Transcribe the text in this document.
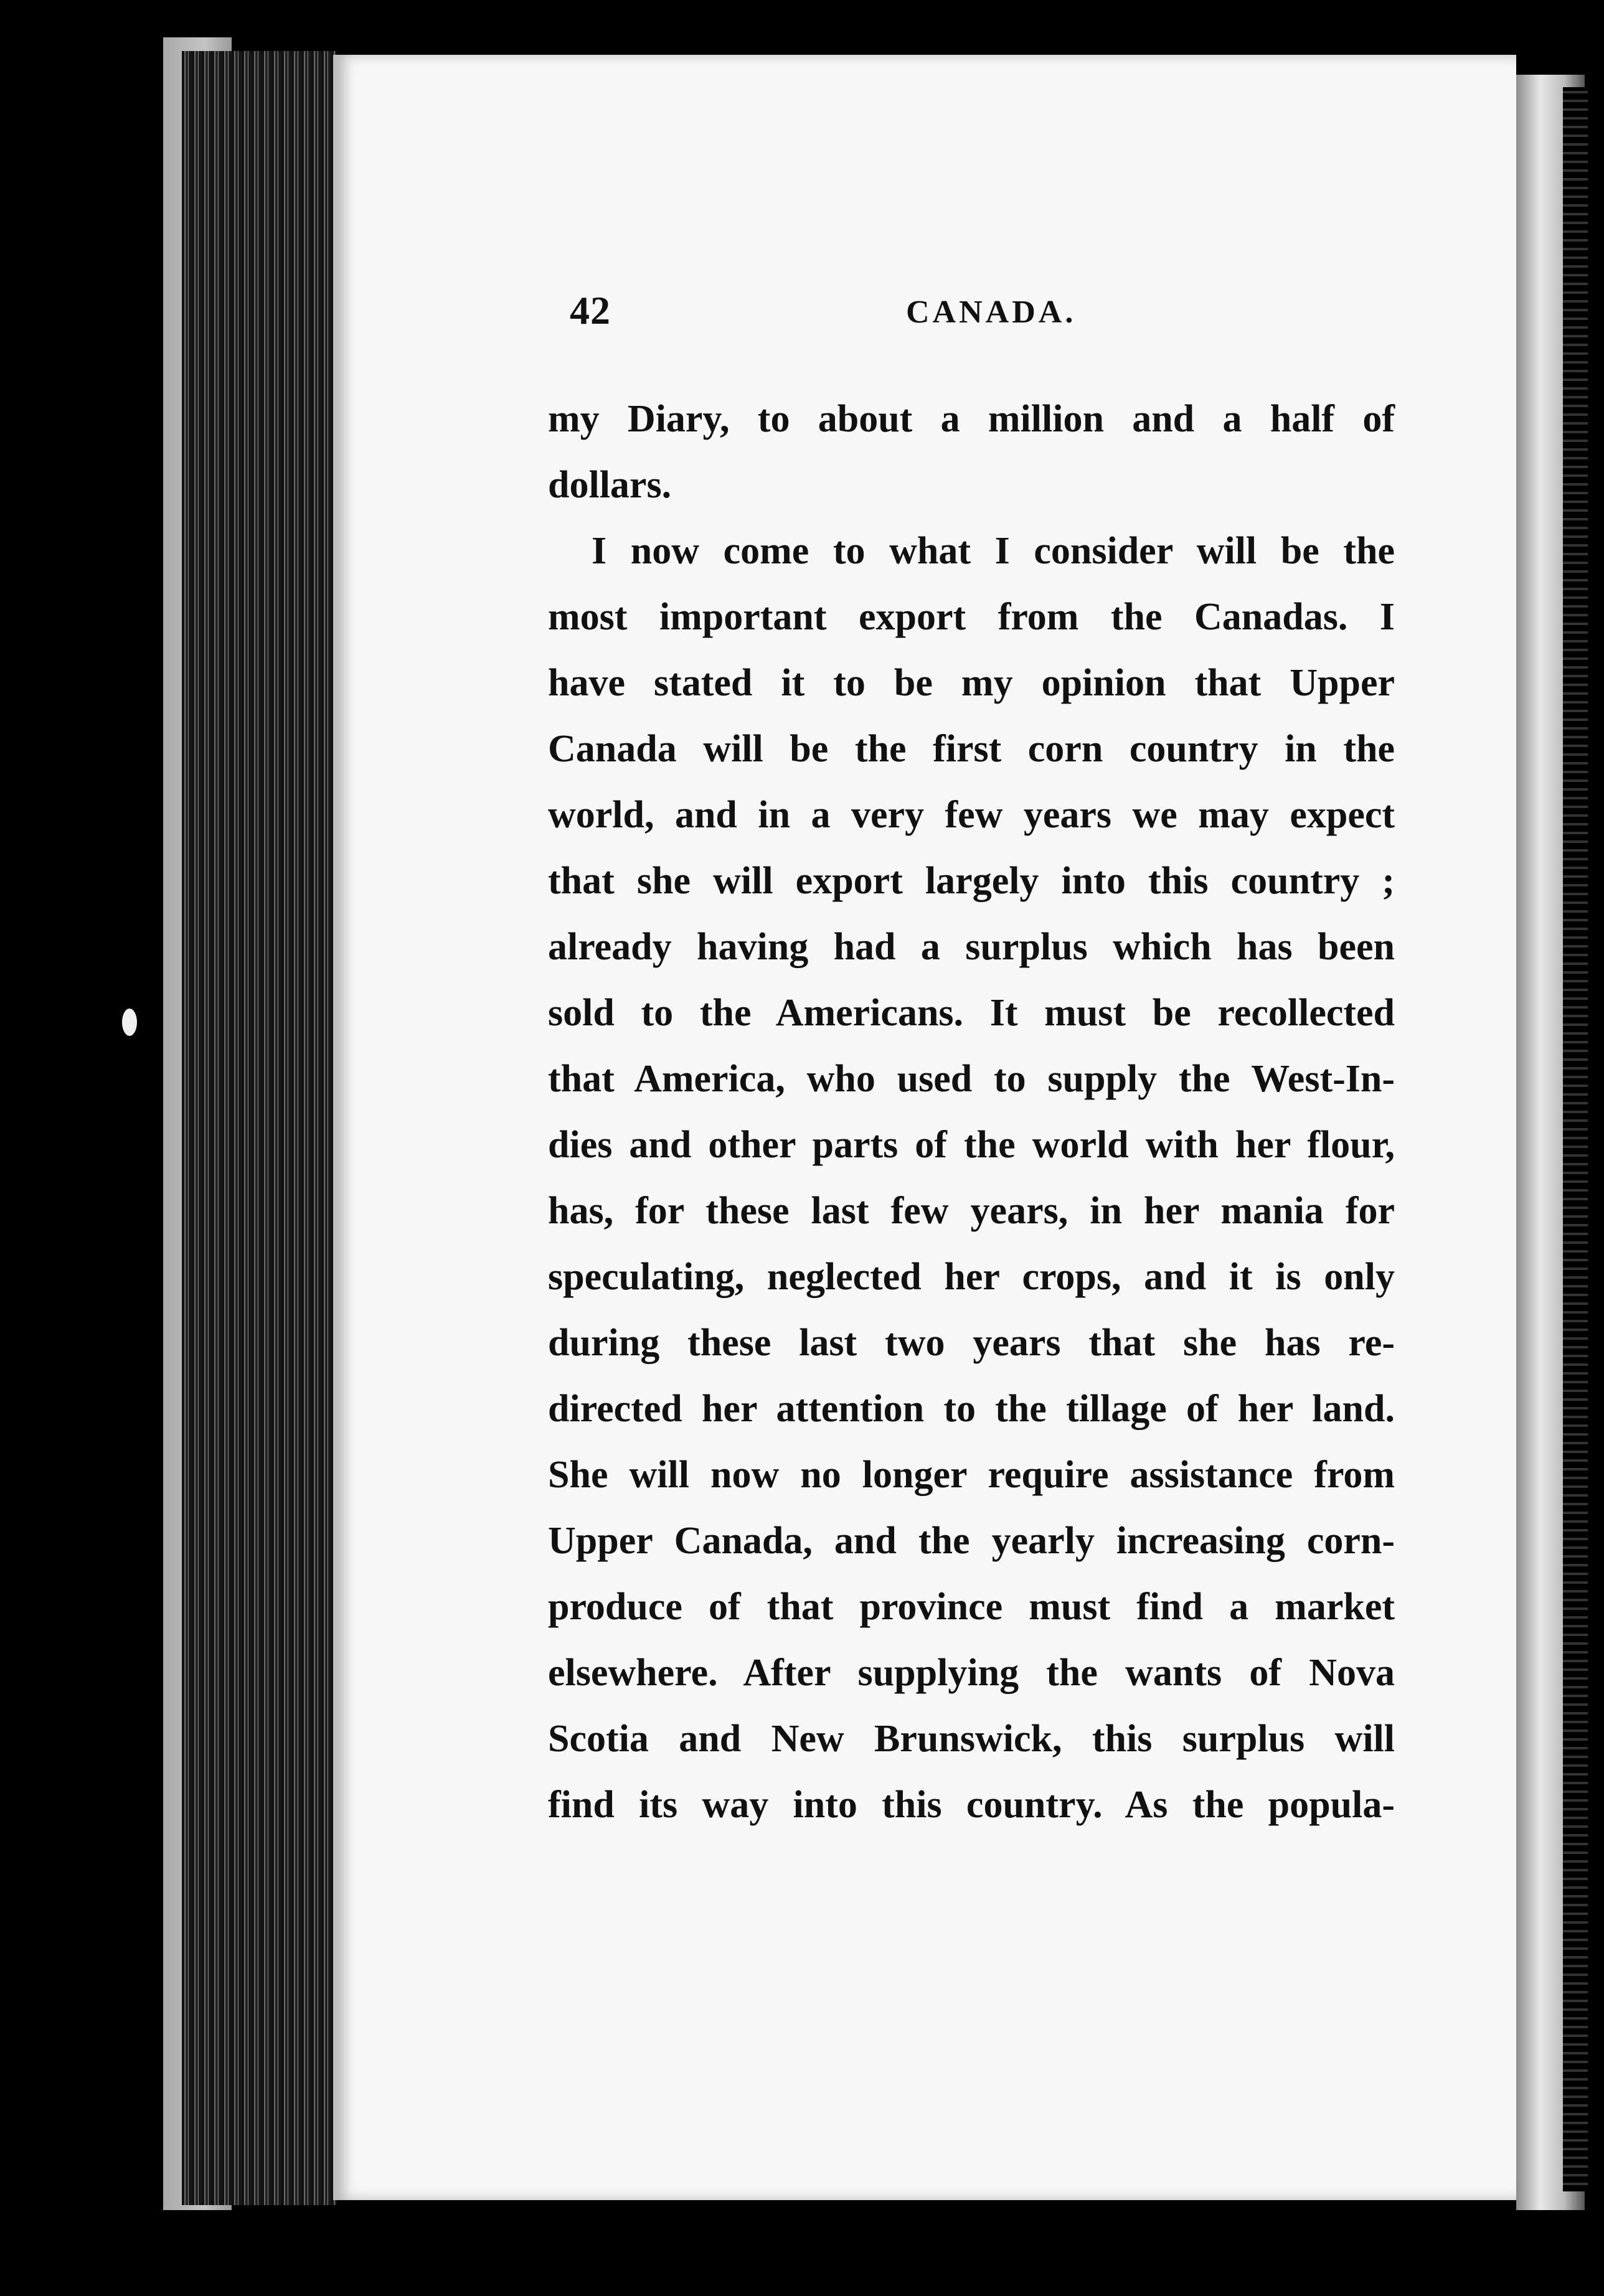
42	CANADA.
my Diary, to about a million and a half of
dollars.
I now come to what I consider will be the
most important export from the Canadas. I
have stated it to be my opinion that Upper
Canada will be the first corn country in the
world, and in a very few years we may expect
that she will export largely into this country ;
already having had a surplus which has been
sold to the Americans. It must be recollected
that America, who used to supply the West-In-
dies and other parts of the world with her flour,
has, for these last few years, in her mania for
speculating, neglected her crops, and it is only
during these last two years that she has re-
directed her attention to the tillage of her land.
She will now no longer require assistance from
Upper Canada, and the yearly increasing corn-
produce of that province must find a market
elsewhere. After supplying the wants of Nova
Scotia and New Brunswick, this surplus will
find its way into this country. As the popula-
